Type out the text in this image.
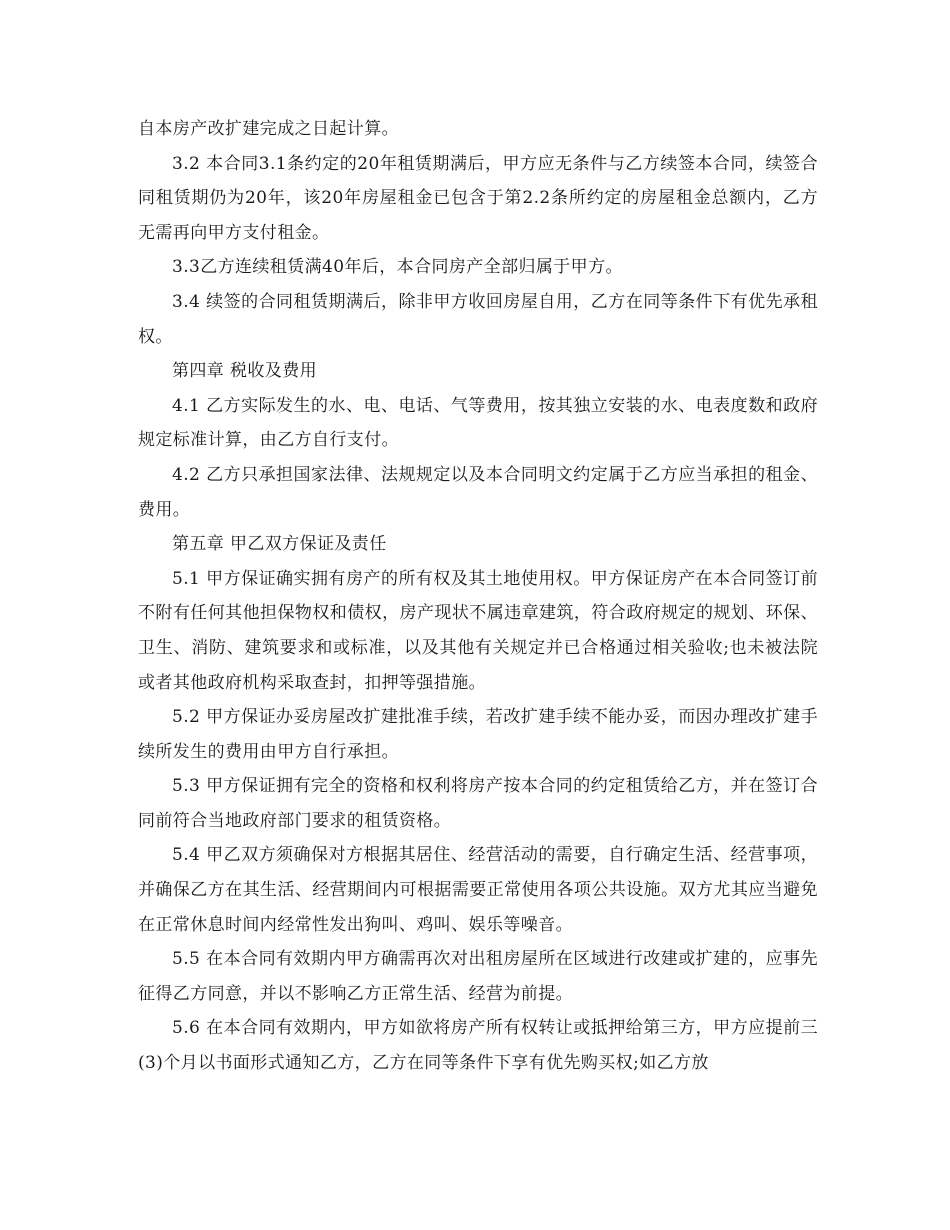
自本房产改扩建完成之日起计算。

3.2 本合同3.1条约定的20年租赁期满后，甲方应无条件与乙方续签本合同，续签合同租赁期仍为20年，该20年房屋租金已包含于第2.2条所约定的房屋租金总额内，乙方无需再向甲方支付租金。

3.3乙方连续租赁满40年后，本合同房产全部归属于甲方。

3.4 续签的合同租赁期满后，除非甲方收回房屋自用，乙方在同等条件下有优先承租权。

第四章 税收及费用

4.1 乙方实际发生的水、电、电话、气等费用，按其独立安装的水、电表度数和政府规定标准计算，由乙方自行支付。

4.2 乙方只承担国家法律、法规规定以及本合同明文约定属于乙方应当承担的租金、费用。

第五章 甲乙双方保证及责任

5.1 甲方保证确实拥有房产的所有权及其土地使用权。甲方保证房产在本合同签订前不附有任何其他担保物权和债权，房产现状不属违章建筑，符合政府规定的规划、环保、卫生、消防、建筑要求和或标准，以及其他有关规定并已合格通过相关验收;也未被法院或者其他政府机构采取查封，扣押等强措施。

5.2 甲方保证办妥房屋改扩建批准手续，若改扩建手续不能办妥，而因办理改扩建手续所发生的费用由甲方自行承担。

5.3 甲方保证拥有完全的资格和权利将房产按本合同的约定租赁给乙方，并在签订合同前符合当地政府部门要求的租赁资格。

5.4 甲乙双方须确保对方根据其居住、经营活动的需要，自行确定生活、经营事项，并确保乙方在其生活、经营期间内可根据需要正常使用各项公共设施。双方尤其应当避免在正常休息时间内经常性发出狗叫、鸡叫、娱乐等噪音。

5.5 在本合同有效期内甲方确需再次对出租房屋所在区域进行改建或扩建的，应事先征得乙方同意，并以不影响乙方正常生活、经营为前提。

5.6 在本合同有效期内，甲方如欲将房产所有权转让或抵押给第三方，甲方应提前三(3)个月以书面形式通知乙方，乙方在同等条件下享有优先购买权;如乙方放
